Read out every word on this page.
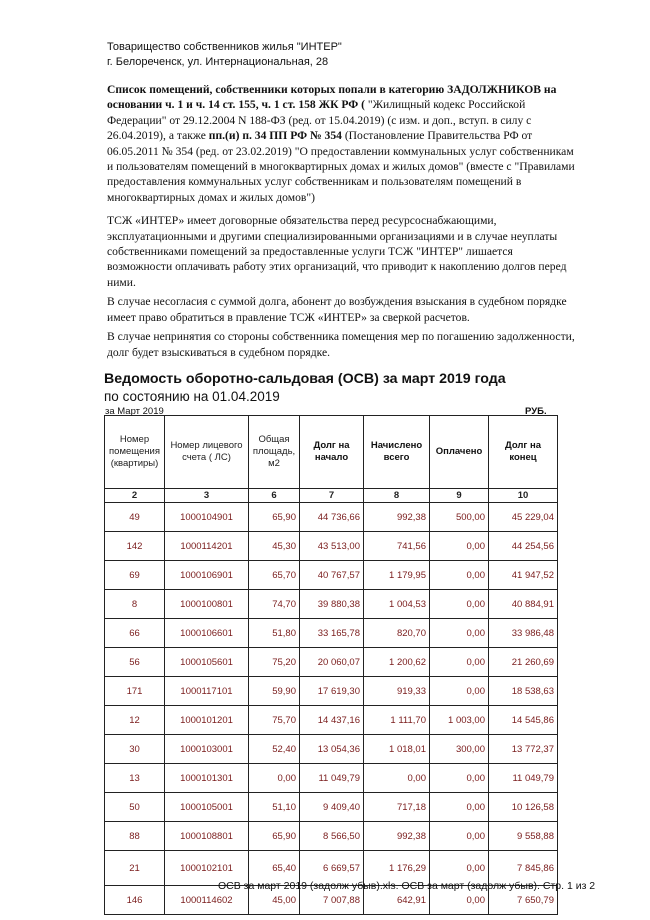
Товарищество собственников жилья "ИНТЕР"
г. Белореченск, ул. Интернациональная, 28

Список помещений, собственники которых попали в категорию ЗАДОЛЖНИКОВ на основании ч. 1 и ч. 14 ст. 155, ч. 1 ст. 158 ЖК РФ ( "Жилищный кодекс Российской Федерации" от 29.12.2004 N 188-ФЗ (ред. от 15.04.2019) (с изм. и доп., вступ. в силу с 26.04.2019), а также пп.(и) п. 34 ПП РФ № 354 (Постановление Правительства РФ от 06.05.2011 № 354 (ред. от 23.02.2019) "О предоставлении коммунальных услуг собственникам и пользователям помещений в многоквартирных домах и жилых домов" (вместе с "Правилами предоставления коммунальных услуг собственникам и пользователям помещений в многоквартирных домах и жилых домов")

ТСЖ «ИНТЕР» имеет договорные обязательства перед ресурсоснабжающими, эксплуатационными и другими специализированными организациями и в случае неуплаты собственниками помещений за предоставленные услуги ТСЖ "ИНТЕР" лишается возможности оплачивать работу этих организаций, что приводит к накоплению долгов перед ними.

В случае несогласия с суммой долга, абонент до возбуждения взыскания в судебном порядке имеет право обратиться в правление ТСЖ «ИНТЕР» за сверкой расчетов.

В случае непринятия со стороны собственника помещения мер по погашению задолженности, долг будет взыскиваться в судебном порядке.

Ведомость оборотно-сальдовая (ОСВ) за март 2019 года
по состоянию на 01.04.2019
за Март 2019	РУБ.
Номер помещения (квартиры)	Номер лицевого счета ( ЛС)	Общая площадь, м2	Долг на начало	Начислено всего	Оплачено	Долг на конец
2	3	6	7	8	9	10
49	1000104901	65,90	44 736,66	992,38	500,00	45 229,04
142	1000114201	45,30	43 513,00	741,56	0,00	44 254,56
69	1000106901	65,70	40 767,57	1 179,95	0,00	41 947,52
8	1000100801	74,70	39 880,38	1 004,53	0,00	40 884,91
66	1000106601	51,80	33 165,78	820,70	0,00	33 986,48
56	1000105601	75,20	20 060,07	1 200,62	0,00	21 260,69
171	1000117101	59,90	17 619,30	919,33	0,00	18 538,63
12	1000101201	75,70	14 437,16	1 111,70	1 003,00	14 545,86
30	1000103001	52,40	13 054,36	1 018,01	300,00	13 772,37
13	1000101301	0,00	11 049,79	0,00	0,00	11 049,79
50	1000105001	51,10	9 409,40	717,18	0,00	10 126,58
88	1000108801	65,90	8 566,50	992,38	0,00	9 558,88
21	1000102101	65,40	6 669,57	1 176,29	0,00	7 845,86
146	1000114602	45,00	7 007,88	642,91	0,00	7 650,79
ОСВ за март 2019 (задолж убыв).xls. ОСВ за март (задолж убыв). Стр. 1 из 2
